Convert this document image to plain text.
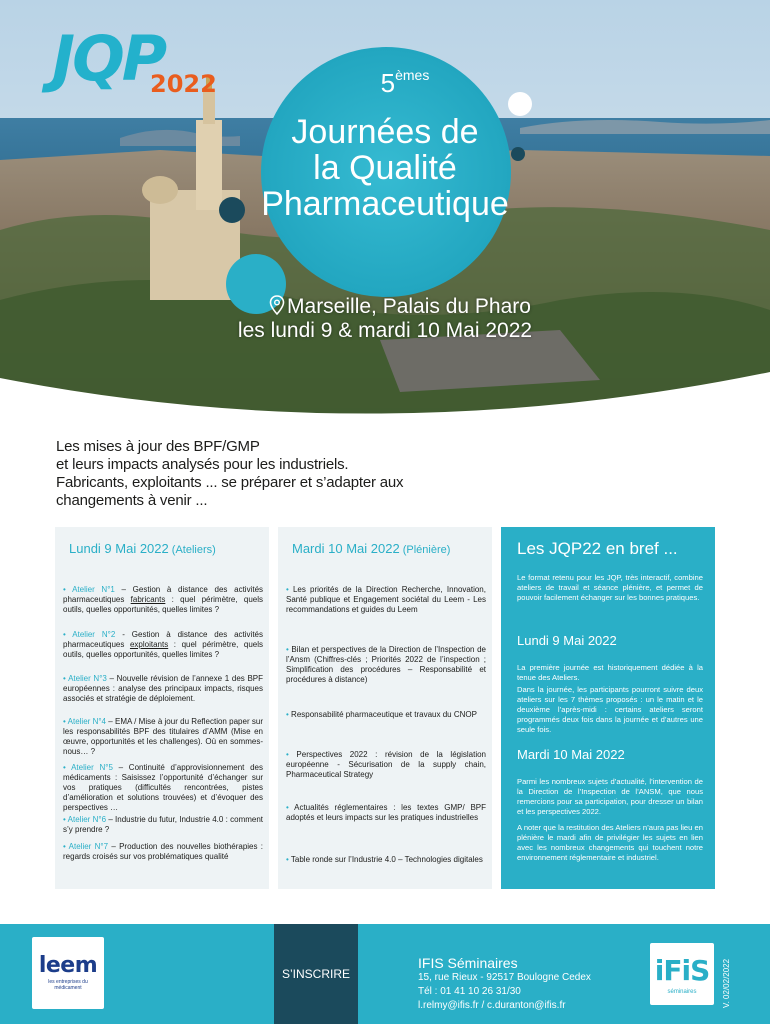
JQP
2022	5èmes
Journées de
la Qualité
Pharmaceutique
Marseille, Palais du Pharo
les lundi 9 & mardi 10 Mai 2022
Les mises à jour des BPF/GMP
et leurs impacts analysés pour les industriels.
Fabricants, exploitants ... se préparer et s’adapter aux
changements à venir ...
Lundi 9 Mai 2022 (Ateliers)
• Atelier N°1 – Gestion à distance des activités pharmaceutiques fabricants : quel périmètre, quels outils, quelles opportunités, quelles limites ?
• Atelier N°2 - Gestion à distance des activités pharmaceutiques exploitants : quel périmètre, quels outils, quelles opportunités, quelles limites ?
• Atelier N°3 – Nouvelle révision de l’annexe 1 des BPF européennes : analyse des principaux impacts, risques associés et stratégie de déploiement.
• Atelier N°4 – EMA / Mise à jour du Reflection paper sur les responsabilités BPF des titulaires d’AMM (Mise en œuvre, opportunités et les challenges). Où en sommes-nous… ?
• Atelier N°5 – Continuité d’approvisionnement des médicaments : Saisissez l’opportunité d’échanger sur vos pratiques (difficultés rencontrées, pistes d’amélioration et solutions trouvées) et d’évoquer des perspectives …
• Atelier N°6 – Industrie du futur, Industrie 4.0 : comment s’y prendre ?
• Atelier N°7 – Production des nouvelles biothérapies : regards croisés sur vos problématiques qualité
Mardi 10 Mai 2022 (Plénière)
• Les priorités de la Direction Recherche, Innovation, Santé publique et Engagement sociétal du Leem - Les recommandations et guides du Leem
• Bilan et perspectives de la Direction de l’Inspection de l’Ansm (Chiffres-clés ; Priorités 2022 de l’inspection ; Simplification des procédures – Responsabilité et procédures à distance)
• Responsabilité pharmaceutique et travaux du CNOP
• Perspectives 2022 : révision de la législation européenne - Sécurisation de la supply chain, Pharmaceutical Strategy
• Actualités réglementaires : les textes GMP/ BPF adoptés et leurs impacts sur les pratiques industrielles
• Table ronde sur l’Industrie 4.0 – Technologies digitales
Les JQP22 en bref ...
Le format retenu pour les JQP, très interactif, combine ateliers de travail et séance plénière, et permet de pouvoir facilement échanger sur les bonnes pratiques.
Lundi 9 Mai 2022
La première journée est historiquement dédiée à la tenue des Ateliers.
Dans la journée, les participants pourront suivre deux ateliers sur les 7 thèmes proposés : un le matin et le deuxième l’après-midi : certains ateliers seront programmés deux fois dans la journée et d’autres une seule fois.
Mardi 10 Mai 2022
Parmi les nombreux sujets d’actualité, l’intervention de la Direction de l’Inspection de l’ANSM, que nous remercions pour sa participation, pour dresser un bilan et les perspectives 2022.
A noter que la restitution des Ateliers n’aura pas lieu en plénière le mardi afin de privilégier les sujets en lien avec les nombreux changements qui touchent notre environnement réglementaire et industriel.
leem
les entreprises du médicament
S’INSCRIRE
IFIS Séminaires
15, rue Rieux - 92517 Boulogne Cedex
Tél : 01 41 10 26 31/30
l.relmy@ifis.fr / c.duranton@ifis.fr
iFiS
séminaires	V. 02/02/2022
